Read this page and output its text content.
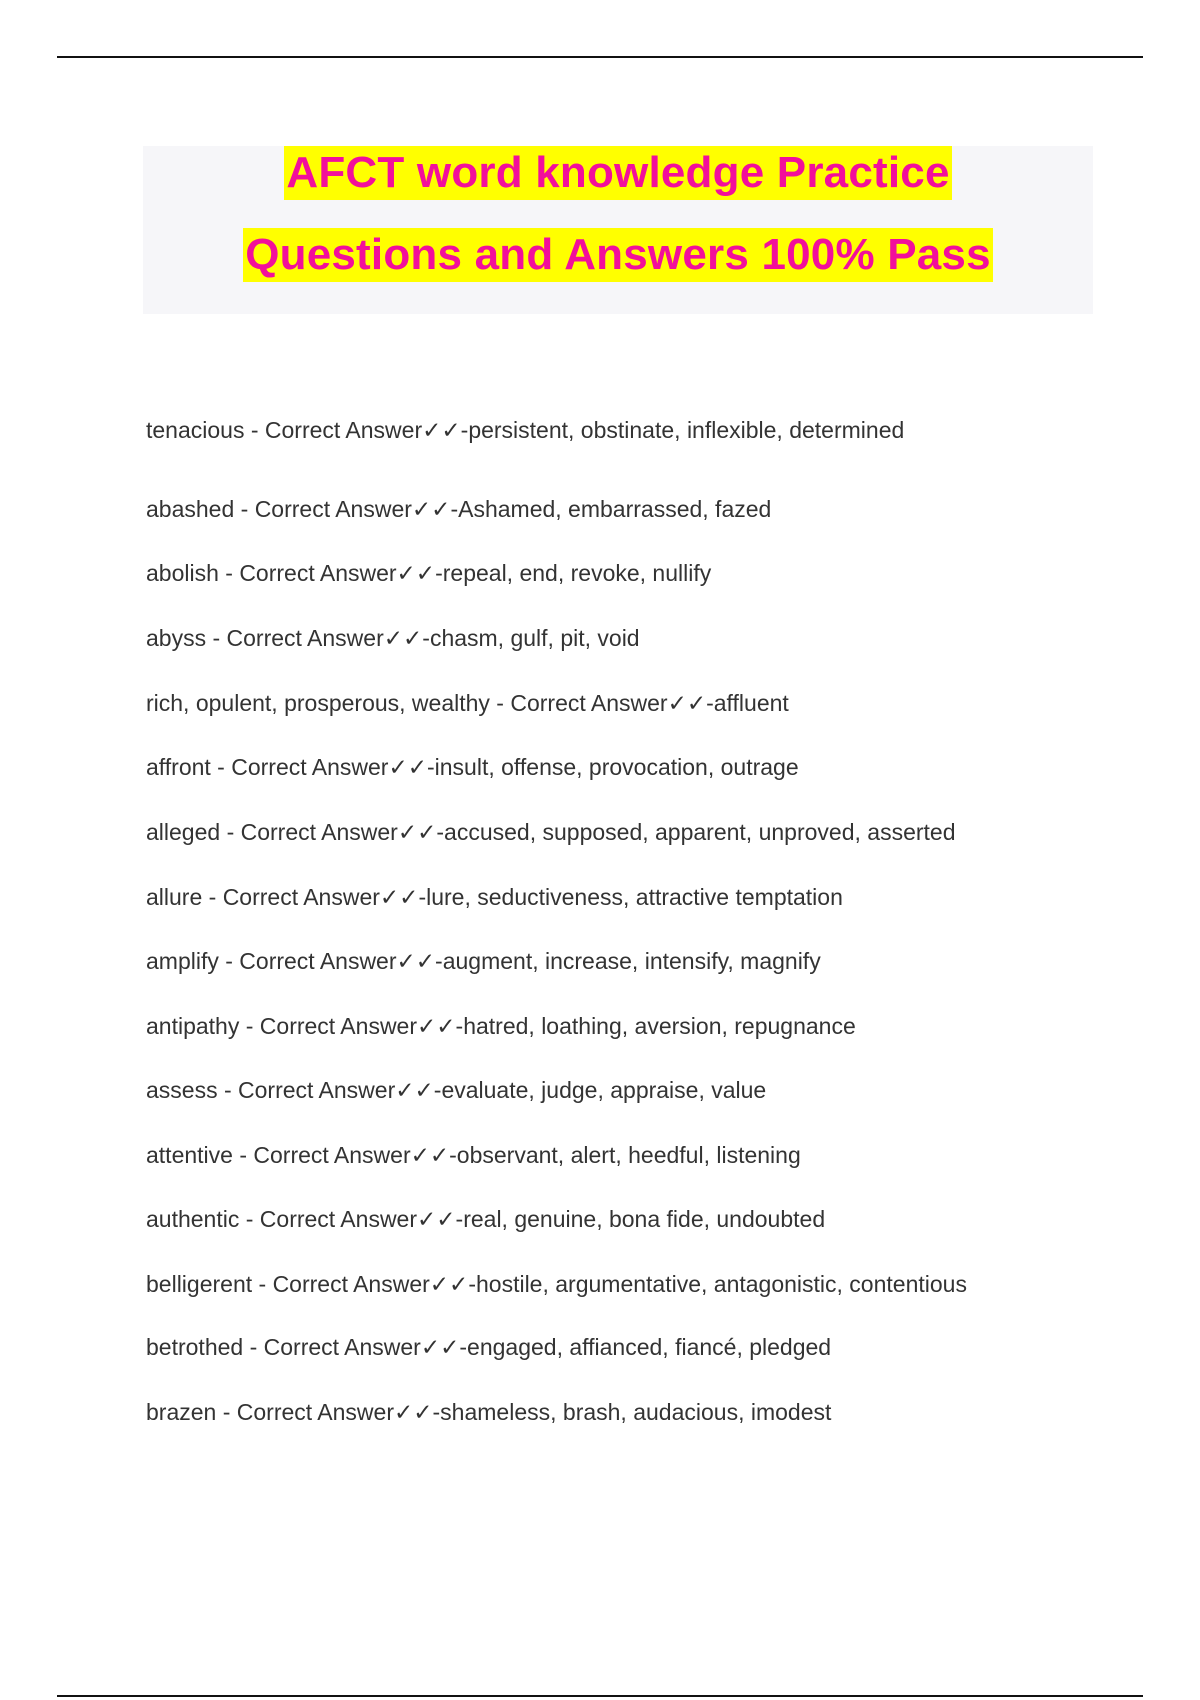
AFCT word knowledge Practice
Questions and Answers 100% Pass
tenacious - Correct Answer✓✓-persistent, obstinate, inflexible, determined
abashed - Correct Answer✓✓-Ashamed, embarrassed, fazed
abolish - Correct Answer✓✓-repeal, end, revoke, nullify
abyss - Correct Answer✓✓-chasm, gulf, pit, void
rich, opulent, prosperous, wealthy - Correct Answer✓✓-affluent
affront - Correct Answer✓✓-insult, offense, provocation, outrage
alleged - Correct Answer✓✓-accused, supposed, apparent, unproved, asserted
allure - Correct Answer✓✓-lure, seductiveness, attractive temptation
amplify - Correct Answer✓✓-augment, increase, intensify, magnify
antipathy - Correct Answer✓✓-hatred, loathing, aversion, repugnance
assess - Correct Answer✓✓-evaluate, judge, appraise, value
attentive - Correct Answer✓✓-observant, alert, heedful, listening
authentic - Correct Answer✓✓-real, genuine, bona fide, undoubted
belligerent - Correct Answer✓✓-hostile, argumentative, antagonistic, contentious
betrothed - Correct Answer✓✓-engaged, affianced, fiancé, pledged
brazen - Correct Answer✓✓-shameless, brash, audacious, imodest
